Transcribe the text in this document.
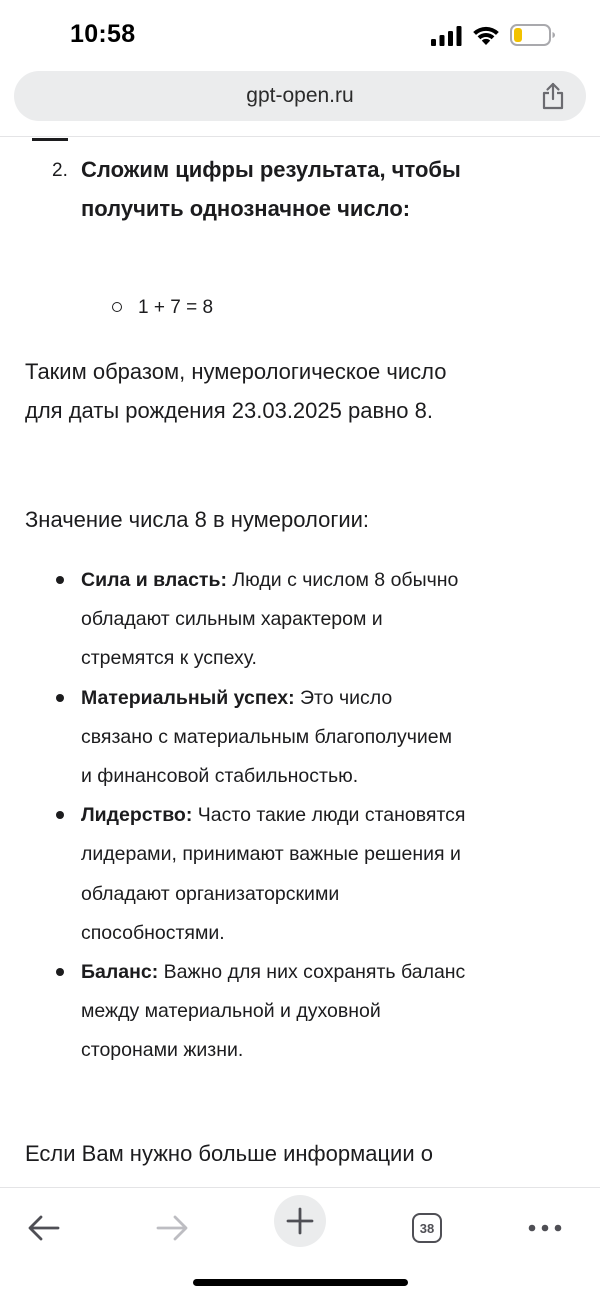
10:58
gpt-open.ru
2. Сложим цифры результата, чтобы получить однозначное число:
1 + 7 = 8
Таким образом, нумерологическое число для даты рождения 23.03.2025 равно 8.
Значение числа 8 в нумерологии:
Сила и власть: Люди с числом 8 обычно обладают сильным характером и стремятся к успеху.
Материальный успех: Это число связано с материальным благополучием и финансовой стабильностью.
Лидерство: Часто такие люди становятся лидерами, принимают важные решения и обладают организаторскими способностями.
Баланс: Важно для них сохранять баланс между материальной и духовной сторонами жизни.
Если Вам нужно больше информации о
38
